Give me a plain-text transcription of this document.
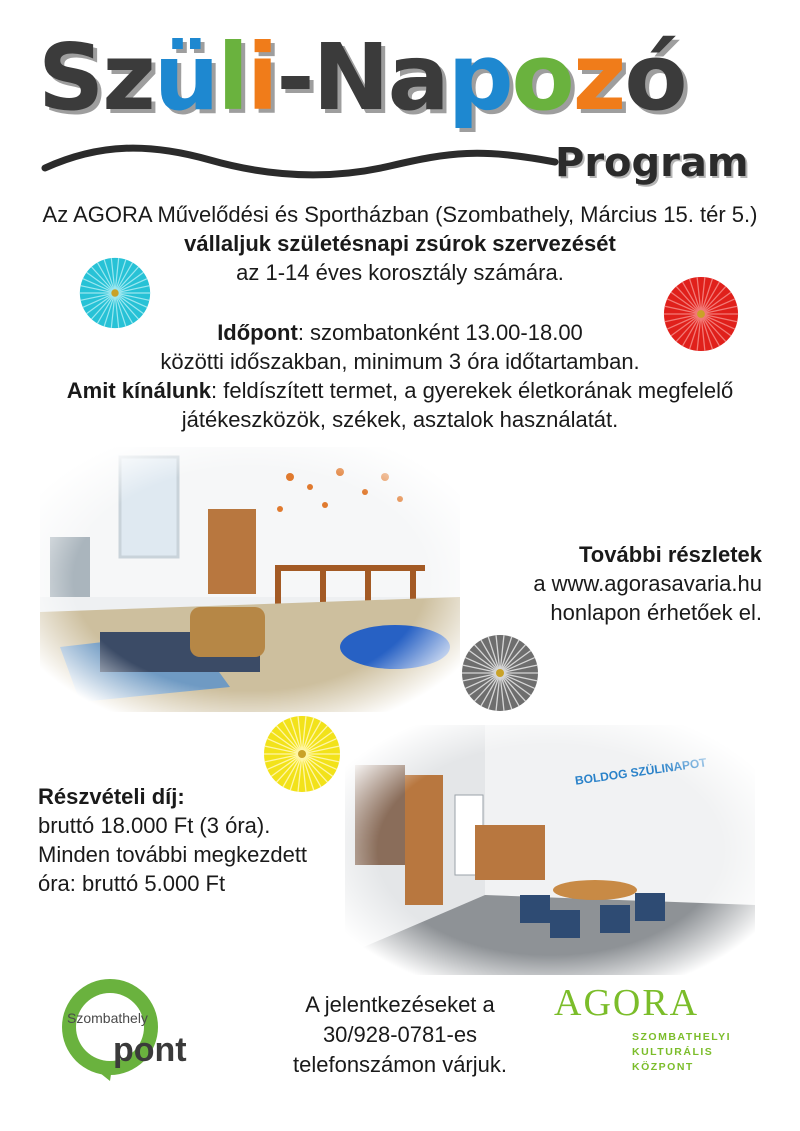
Szüli-Napozó
Program
Az AGORA Művelődési és Sportházban (Szombathely, Március 15. tér 5.)
vállaljuk születésnapi zsúrok szervezését
az 1-14 éves korosztály számára.
Időpont: szombatonként 13.00-18.00
közötti időszakban, minimum 3 óra időtartamban.
Amit kínálunk: feldíszített termet, a gyerekek életkorának megfelelő
játékeszközök, székek, asztalok használatát.
További részletek
a www.agorasavaria.hu
honlapon érhetőek el.
Részvételi díj:
bruttó 18.000 Ft (3 óra).
Minden további megkezdett
óra: bruttó 5.000 Ft
A jelentkezéseket a
30/928-0781-es
telefonszámon várjuk.
Szombathely
pont
AGORA
SZOMBATHELYI
KULTURÁLIS
KÖZPONT
